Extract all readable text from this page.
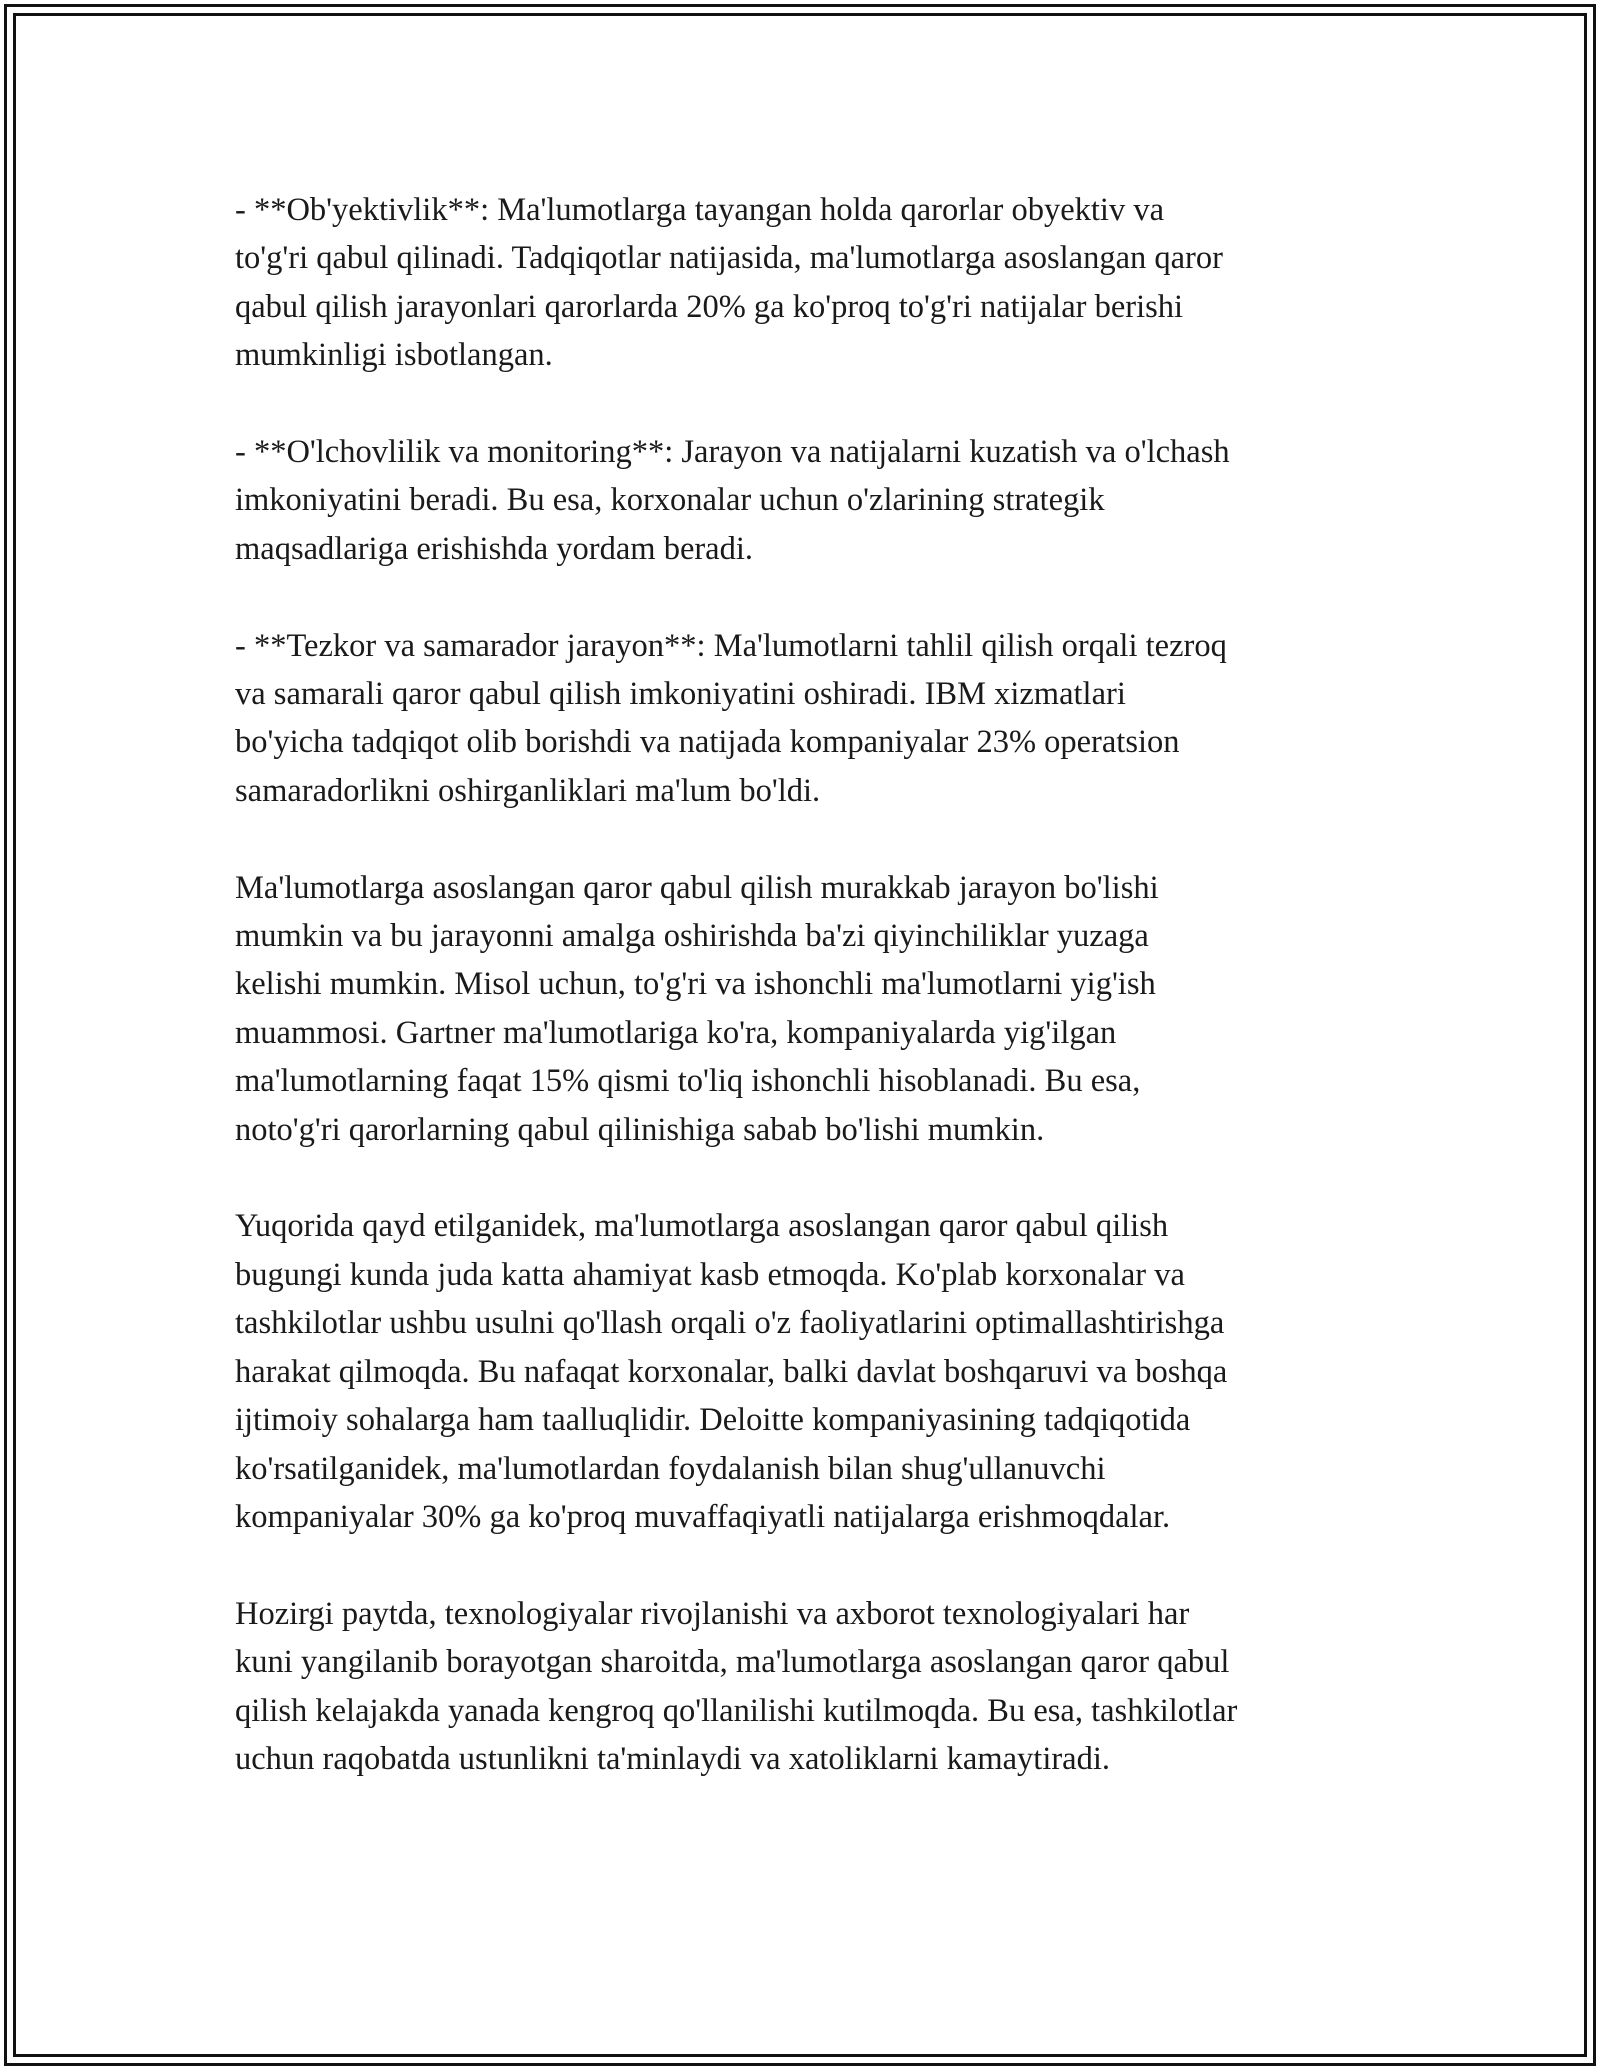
- **Ob'yektivlik**: Ma'lumotlarga tayangan holda qarorlar obyektiv va
to'g'ri qabul qilinadi. Tadqiqotlar natijasida, ma'lumotlarga asoslangan qaror
qabul qilish jarayonlari qarorlarda 20% ga ko'proq to'g'ri natijalar berishi
mumkinligi isbotlangan.

- **O'lchovlilik va monitoring**: Jarayon va natijalarni kuzatish va o'lchash
imkoniyatini beradi. Bu esa, korxonalar uchun o'zlarining strategik
maqsadlariga erishishda yordam beradi.

- **Tezkor va samarador jarayon**: Ma'lumotlarni tahlil qilish orqali tezroq
va samarali qaror qabul qilish imkoniyatini oshiradi. IBM xizmatlari
bo'yicha tadqiqot olib borishdi va natijada kompaniyalar 23% operatsion
samaradorlikni oshirganliklari ma'lum bo'ldi.

Ma'lumotlarga asoslangan qaror qabul qilish murakkab jarayon bo'lishi
mumkin va bu jarayonni amalga oshirishda ba'zi qiyinchiliklar yuzaga
kelishi mumkin. Misol uchun, to'g'ri va ishonchli ma'lumotlarni yig'ish
muammosi. Gartner ma'lumotlariga ko'ra, kompaniyalarda yig'ilgan
ma'lumotlarning faqat 15% qismi to'liq ishonchli hisoblanadi. Bu esa,
noto'g'ri qarorlarning qabul qilinishiga sabab bo'lishi mumkin.

Yuqorida qayd etilganidek, ma'lumotlarga asoslangan qaror qabul qilish
bugungi kunda juda katta ahamiyat kasb etmoqda. Ko'plab korxonalar va
tashkilotlar ushbu usulni qo'llash orqali o'z faoliyatlarini optimallashtirishga
harakat qilmoqda. Bu nafaqat korxonalar, balki davlat boshqaruvi va boshqa
ijtimoiy sohalarga ham taalluqlidir. Deloitte kompaniyasining tadqiqotida
ko'rsatilganidek, ma'lumotlardan foydalanish bilan shug'ullanuvchi
kompaniyalar 30% ga ko'proq muvaffaqiyatli natijalarga erishmoqdalar.

Hozirgi paytda, texnologiyalar rivojlanishi va axborot texnologiyalari har
kuni yangilanib borayotgan sharoitda, ma'lumotlarga asoslangan qaror qabul
qilish kelajakda yanada kengroq qo'llanilishi kutilmoqda. Bu esa, tashkilotlar
uchun raqobatda ustunlikni ta'minlaydi va xatoliklarni kamaytiradi.
